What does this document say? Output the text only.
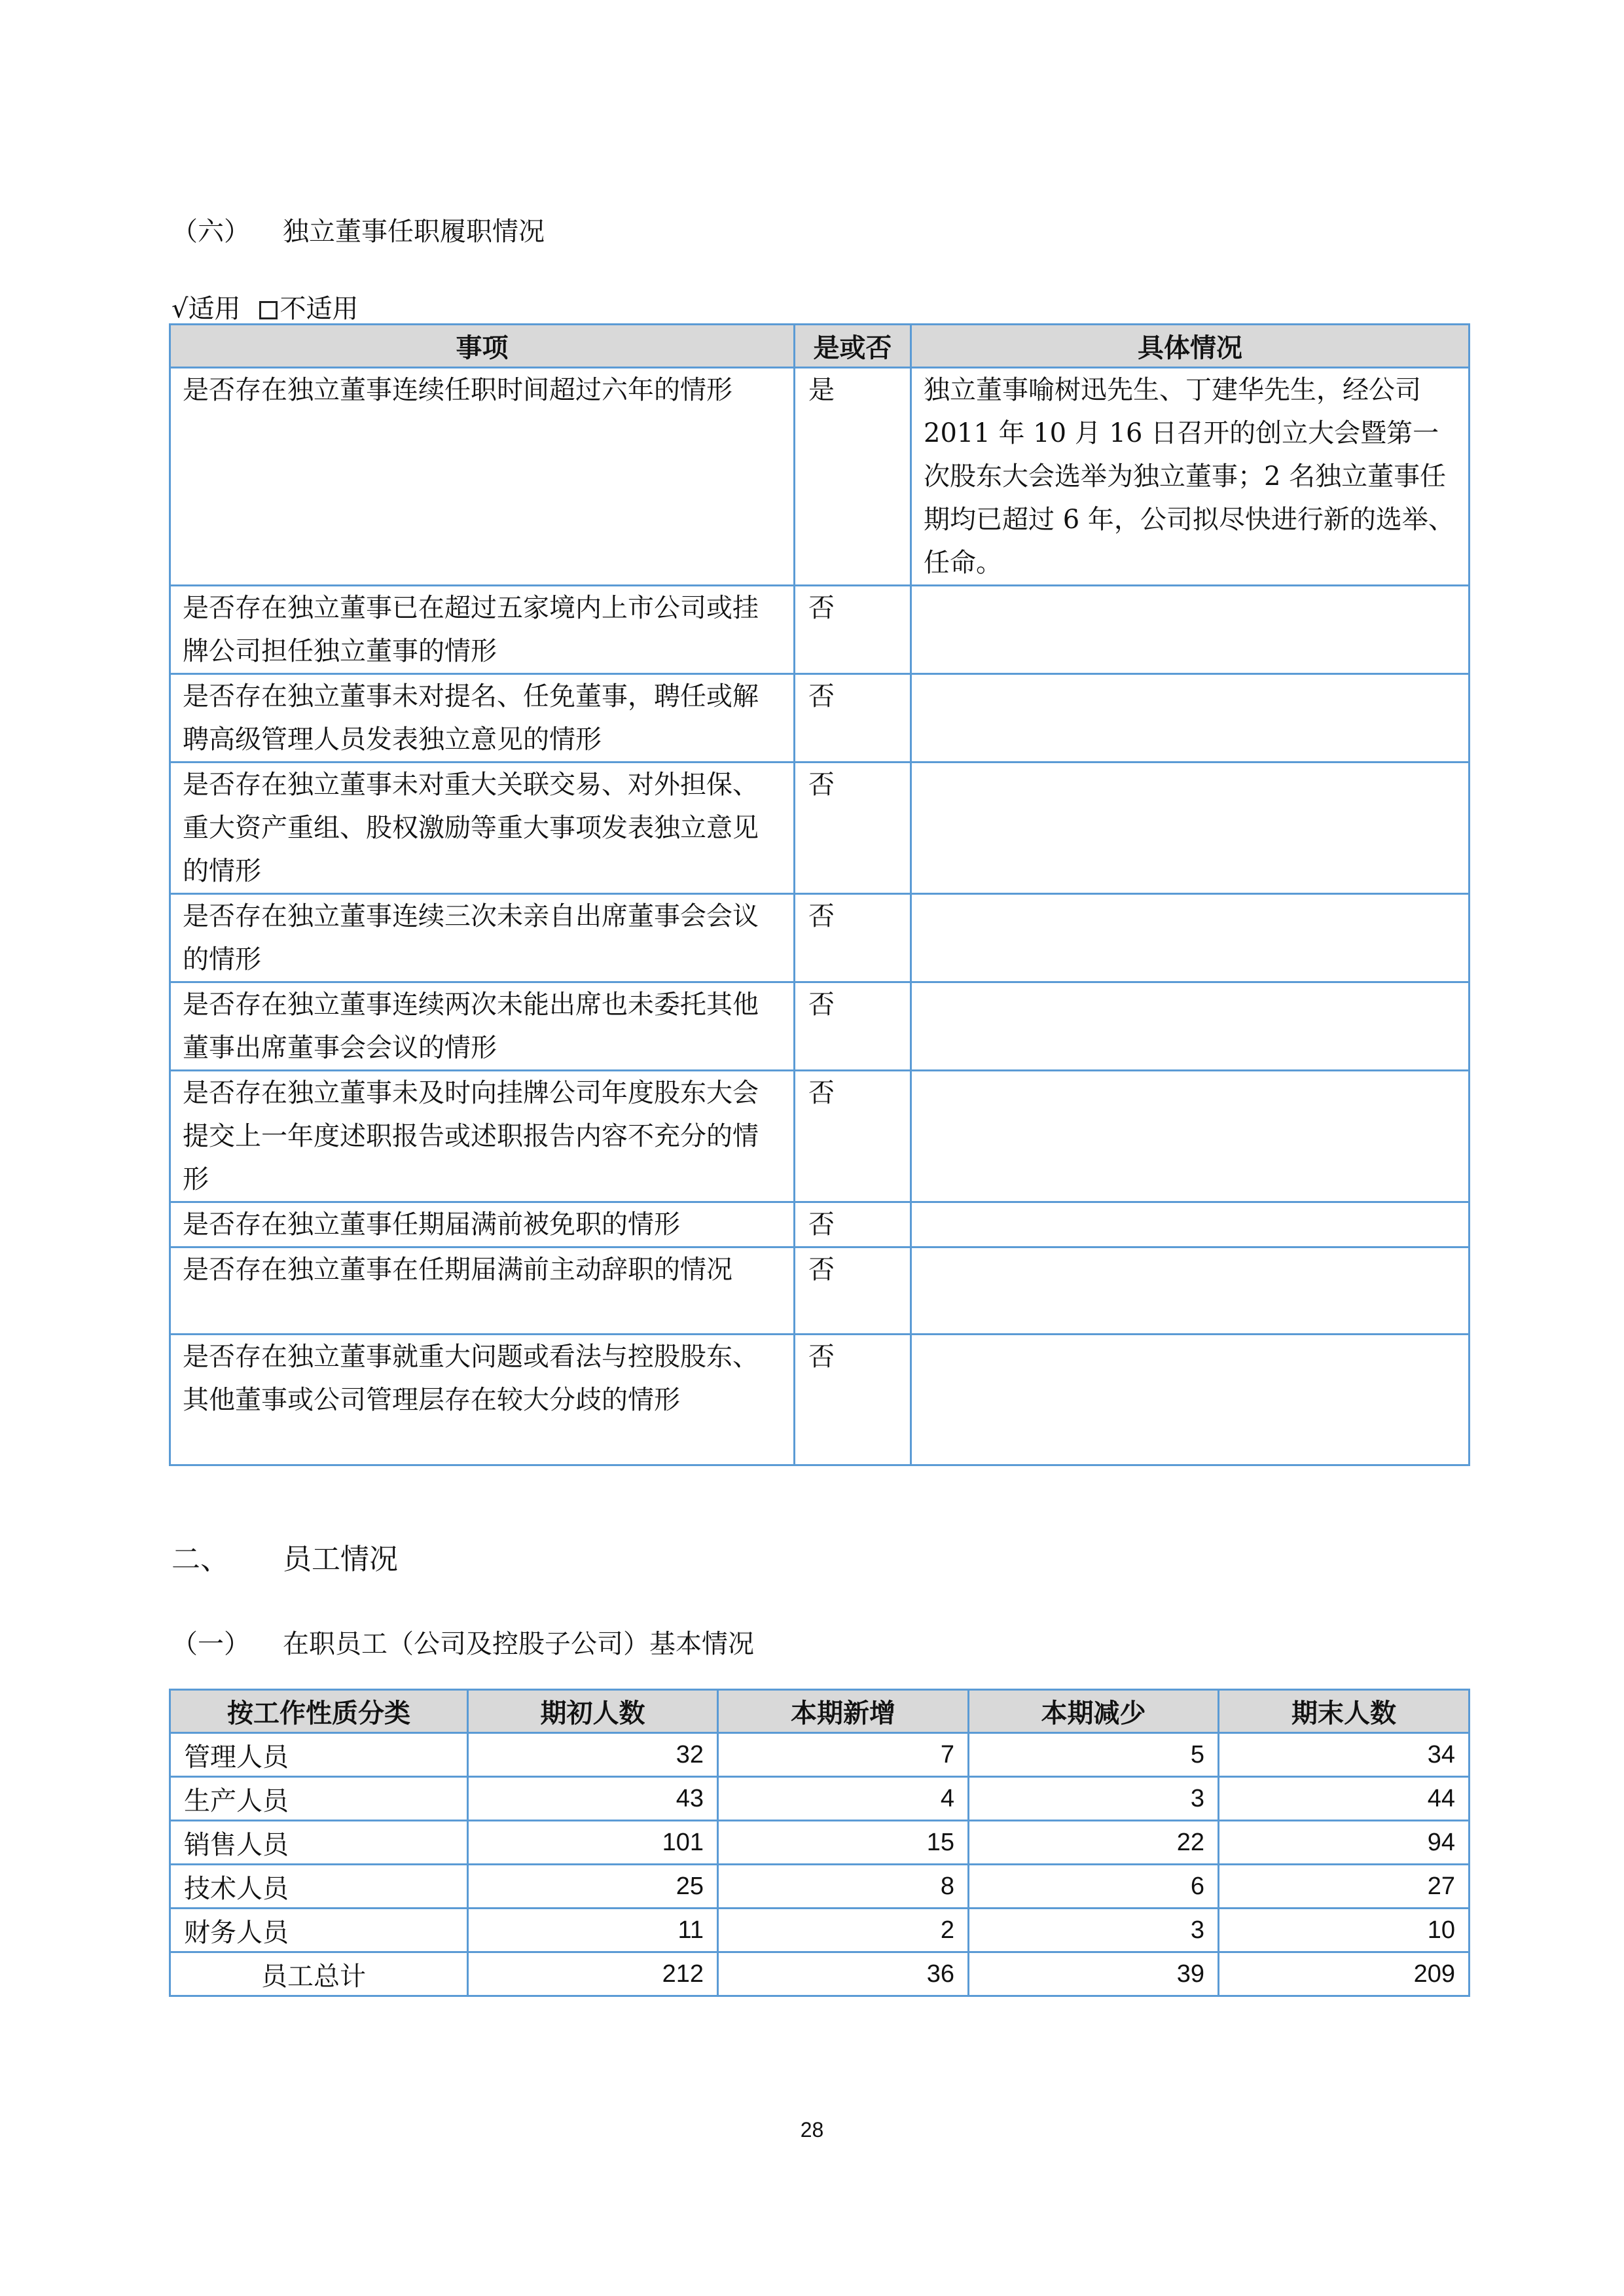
（六） 独立董事任职履职情况
√适用 不适用
事项	是或否	具体情况
是否存在独立董事连续任职时间超过六年的情形	是	独立董事喻树迅先生、丁建华先生，经公司 2011 年 10 月 16 日召开的创立大会暨第一次股东大会选举为独立董事；2 名独立董事任期均已超过 6 年，公司拟尽快进行新的选举、任命。
是否存在独立董事已在超过五家境内上市公司或挂牌公司担任独立董事的情形	否	
是否存在独立董事未对提名、任免董事，聘任或解聘高级管理人员发表独立意见的情形	否	
是否存在独立董事未对重大关联交易、对外担保、重大资产重组、股权激励等重大事项发表独立意见的情形	否	
是否存在独立董事连续三次未亲自出席董事会会议的情形	否	
是否存在独立董事连续两次未能出席也未委托其他董事出席董事会会议的情形	否	
是否存在独立董事未及时向挂牌公司年度股东大会提交上一年度述职报告或述职报告内容不充分的情形	否	
是否存在独立董事任期届满前被免职的情形	否	
是否存在独立董事在任期届满前主动辞职的情况	否	
是否存在独立董事就重大问题或看法与控股股东、其他董事或公司管理层存在较大分歧的情形	否	
二、 员工情况
（一） 在职员工（公司及控股子公司）基本情况
按工作性质分类	期初人数	本期新增	本期减少	期末人数
管理人员	32	7	5	34
生产人员	43	4	3	44
销售人员	101	15	22	94
技术人员	25	8	6	27
财务人员	11	2	3	10
员工总计	212	36	39	209
28
